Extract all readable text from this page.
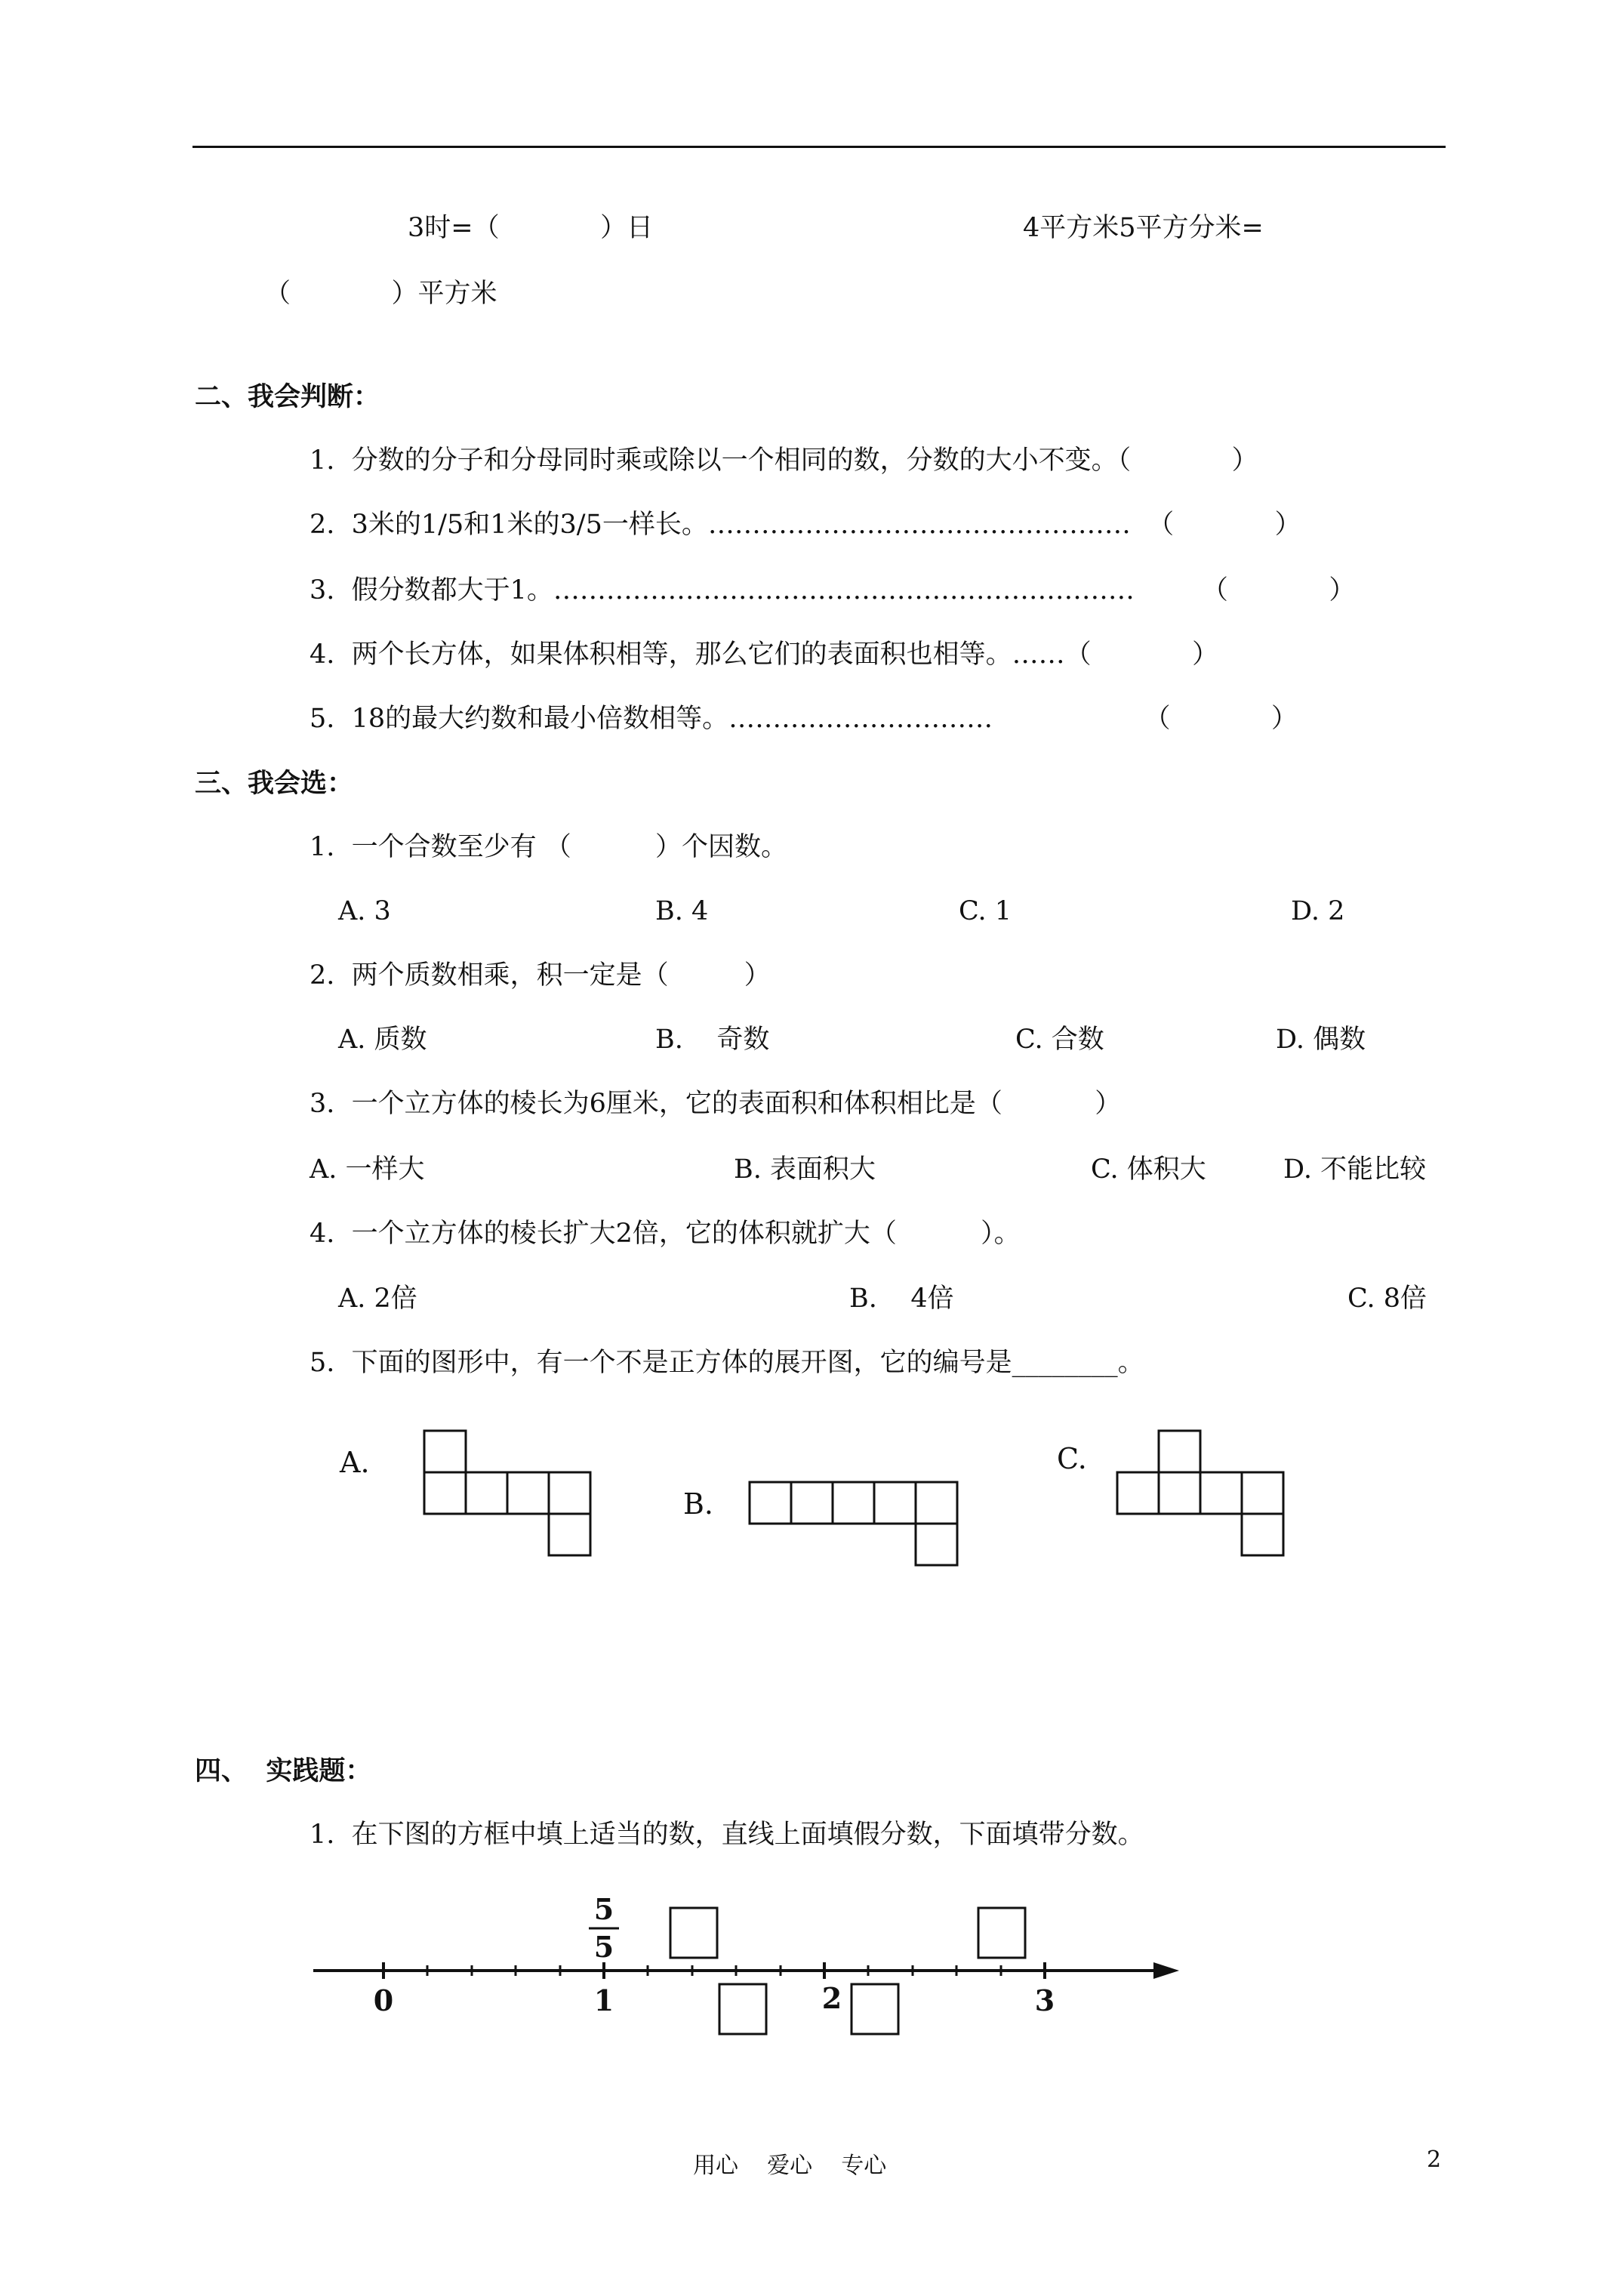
3时=（            ）日	4平方米5平方分米=
（            ）平方米
二、我会判断：
1.  分数的分子和分母同时乘或除以一个相同的数，分数的大小不变。（            ）
2.  3米的1/5和1米的3/5一样长。…………………………………………  （            ）
3.  假分数都大于1。…………………………………………………………        （            ）
4.  两个长方体，如果体积相等，那么它们的表面积也相等。……（            ）
5.  18的最大约数和最小倍数相等。…………………………                  （            ）
三、我会选：
1.  一个合数至少有 （          ）个因数。
A. 3	B. 4	C. 1	D. 2
2.  两个质数相乘，积一定是（         ）
A. 质数	B.    奇数	C. 合数	D. 偶数
3.  一个立方体的棱长为6厘米，它的表面积和体积相比是（           ）
A. 一样大	B. 表面积大	C. 体积大	D. 不能比较
4.  一个立方体的棱长扩大2倍，它的体积就扩大（          ）。
A. 2倍	B.    4倍	C. 8倍
5.  下面的图形中，有一个不是正方体的展开图，它的编号是________。
A.
B.
C.
四、  实践题：
1.  在下图的方框中填上适当的数，直线上面填假分数，下面填带分数。
0	1	2	3
5
5
用心    爱心    专心	2
